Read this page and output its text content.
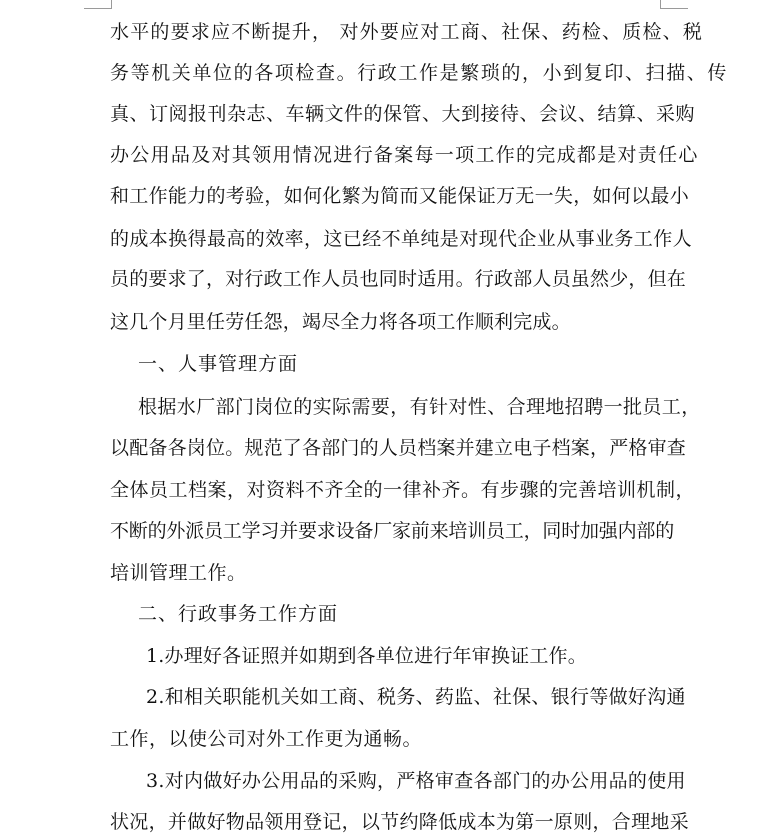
水平的要求应不断提升， 对外要应对工商、社保、药检、质检、税
务等机关单位的各项检查。行政工作是繁琐的，小到复印、扫描、传
真、订阅报刊杂志、车辆文件的保管、大到接待、会议、结算、采购
办公用品及对其领用情况进行备案每一项工作的完成都是对责任心
和工作能力的考验，如何化繁为简而又能保证万无一失，如何以最小
的成本换得最高的效率，这已经不单纯是对现代企业从事业务工作人
员的要求了，对行政工作人员也同时适用。行政部人员虽然少，但在
这几个月里任劳任怨，竭尽全力将各项工作顺利完成。
一、人事管理方面
根据水厂部门岗位的实际需要，有针对性、合理地招聘一批员工，
以配备各岗位。规范了各部门的人员档案并建立电子档案，严格审查
全体员工档案，对资料不齐全的一律补齐。有步骤的完善培训机制，
不断的外派员工学习并要求设备厂家前来培训员工，同时加强内部的
培训管理工作。
二、行政事务工作方面
1.办理好各证照并如期到各单位进行年审换证工作。
2.和相关职能机关如工商、税务、药监、社保、银行等做好沟通
工作，以使公司对外工作更为通畅。
3.对内做好办公用品的采购，严格审查各部门的办公用品的使用
状况，并做好物品领用登记，以节约降低成本为第一原则，合理地采
